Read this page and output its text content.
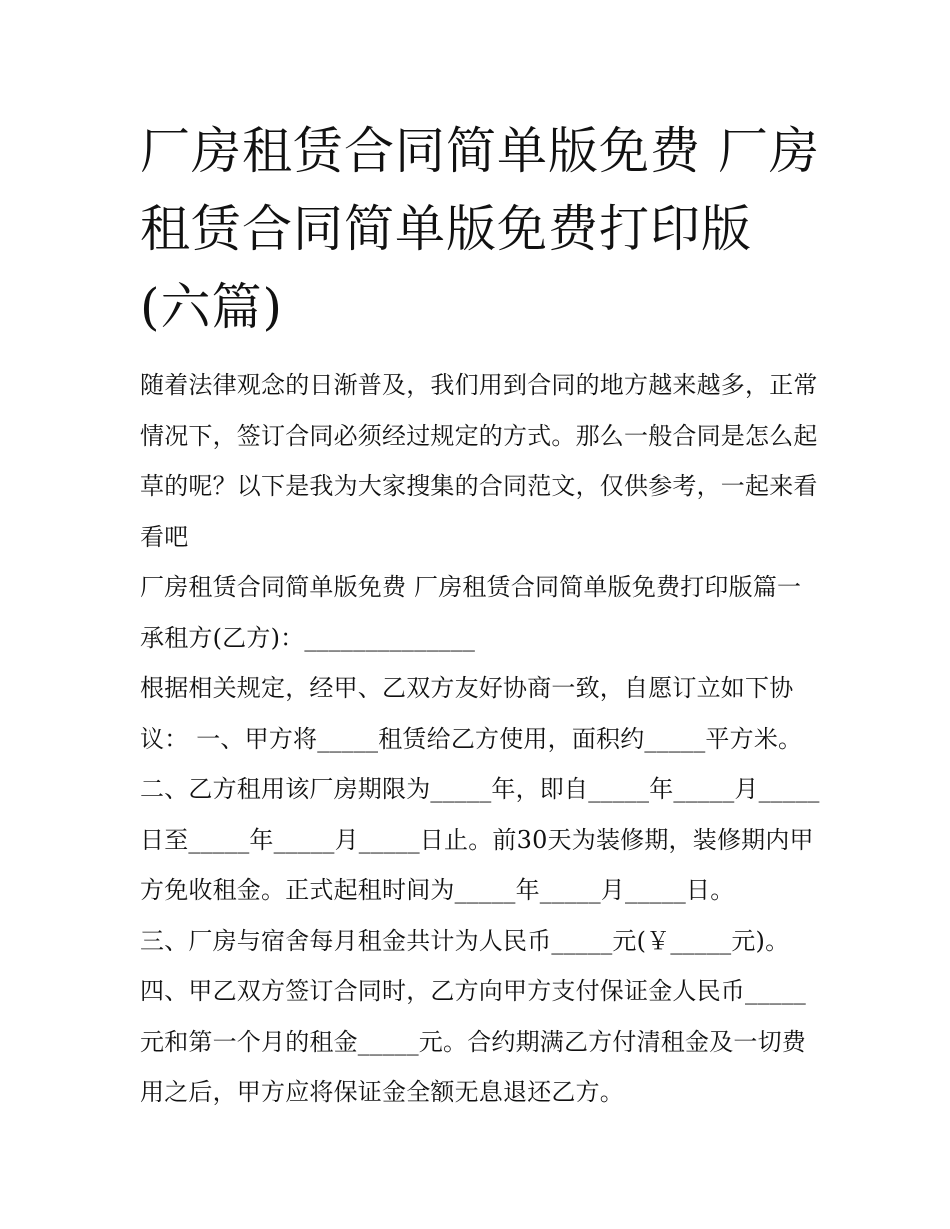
厂房租赁合同简单版免费 厂房租赁合同简单版免费打印版(六篇)

随着法律观念的日渐普及，我们用到合同的地方越来越多，正常情况下，签订合同必须经过规定的方式。那么一般合同是怎么起草的呢？以下是我为大家搜集的合同范文，仅供参考，一起来看看吧

厂房租赁合同简单版免费 厂房租赁合同简单版免费打印版篇一承租方(乙方)：______________

根据相关规定，经甲、乙双方友好协商一致，自愿订立如下协议： 一、甲方将_____租赁给乙方使用，面积约_____平方米。

二、乙方租用该厂房期限为_____年，即自_____年_____月_____日至_____年_____月_____日止。前30天为装修期，装修期内甲方免收租金。正式起租时间为_____年_____月_____日。

三、厂房与宿舍每月租金共计为人民币_____元(￥_____元)。

四、甲乙双方签订合同时，乙方向甲方支付保证金人民币_____元和第一个月的租金_____元。合约期满乙方付清租金及一切费用之后，甲方应将保证金全额无息退还乙方。
